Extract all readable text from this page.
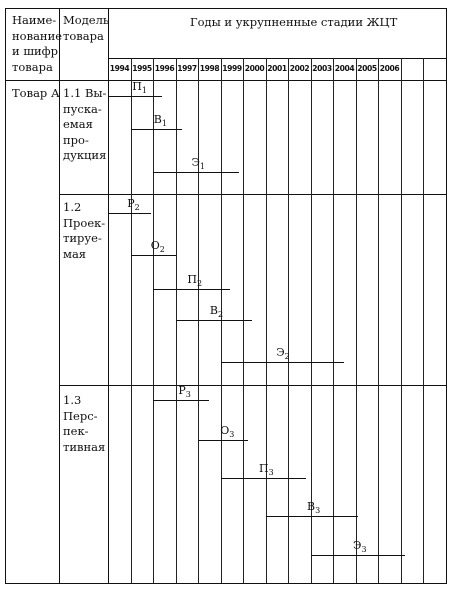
Наиме-
нование
и шифр
товара
Модель
товара
Годы и укрупненные стадии ЖЦТ
1994 1995 1996 1997 1998 1999 2000 2001 2002 2003 2004 2005 2006
Товар А 1.1 Вы-
пускa-
емая
про-
дукция
1.2
Проек-
тируе-
мая
1.3
Перс-
пек-
тивная
$П_1$
$В_1$
$Э_1$
$Р_2$
$О_2$
$П_2$
$В_2$
$Э_2$
$Р_3$
$О_3$
$П_3$
$В_3$
$Э_3$
